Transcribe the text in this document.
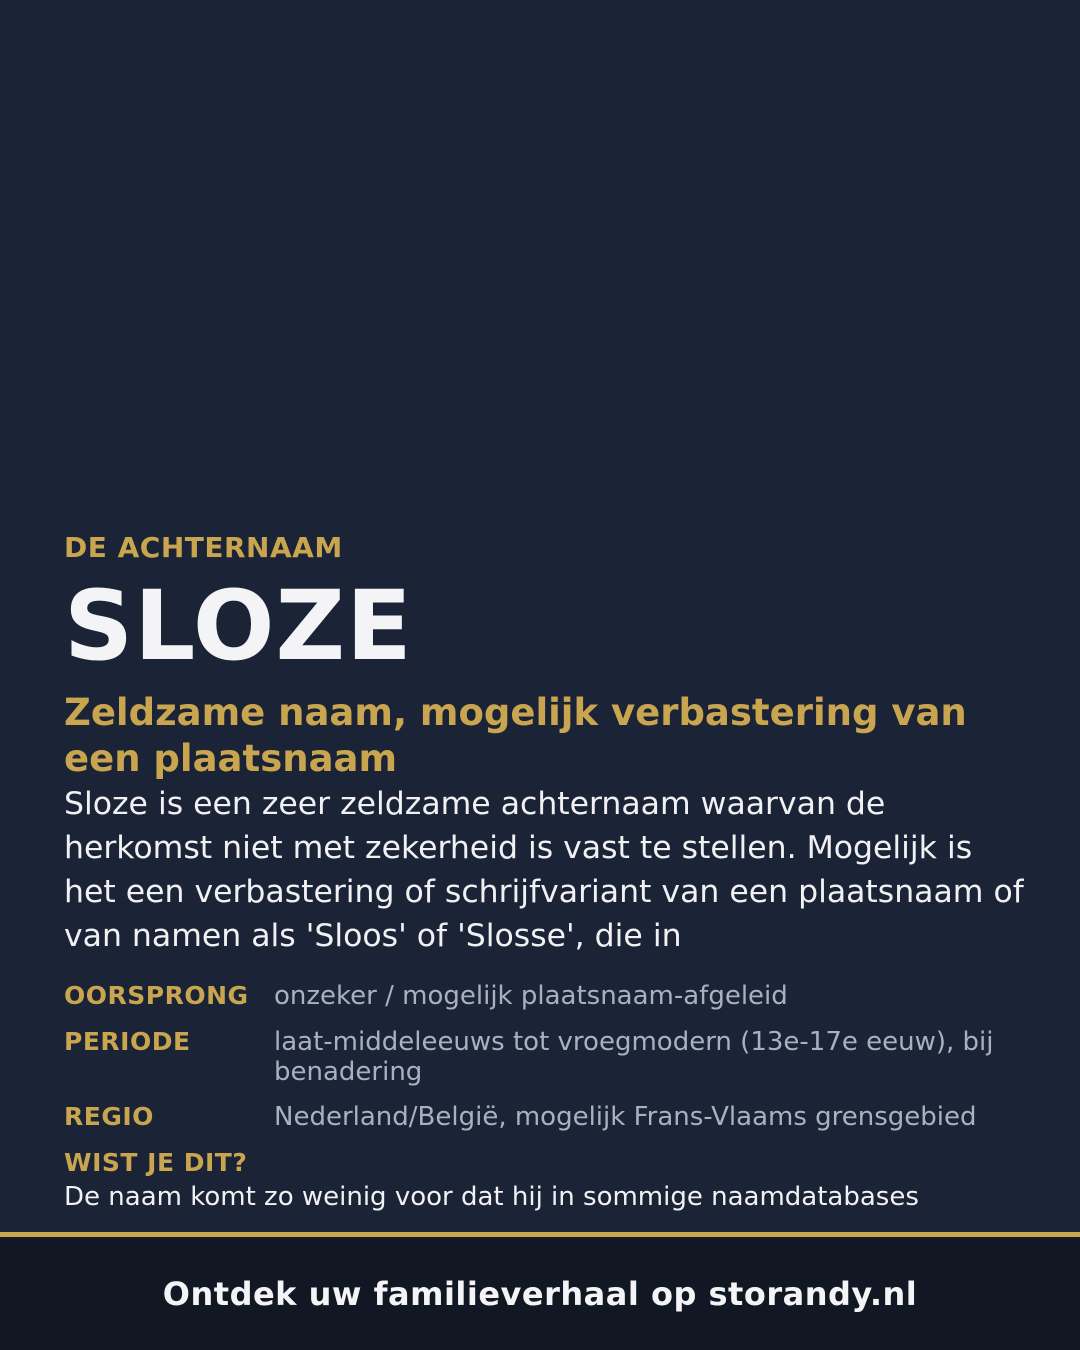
DE ACHTERNAAM
SLOZE
Zeldzame naam, mogelijk verbastering van een plaatsnaam
Sloze is een zeer zeldzame achternaam waarvan de herkomst niet met zekerheid is vast te stellen. Mogelijk is het een verbastering of schrijfvariant van een plaatsnaam of van namen als 'Sloos' of 'Slosse', die in
OORSPRONG onzeker / mogelijk plaatsnaam-afgeleid
PERIODE	laat-middeleeuws tot vroegmodern (13e-17e eeuw), bij benadering
REGIO	Nederland/België, mogelijk Frans-Vlaams grensgebied
WIST JE DIT?
De naam komt zo weinig voor dat hij in sommige naamdatabases
Ontdek uw familieverhaal op storandy.nl
